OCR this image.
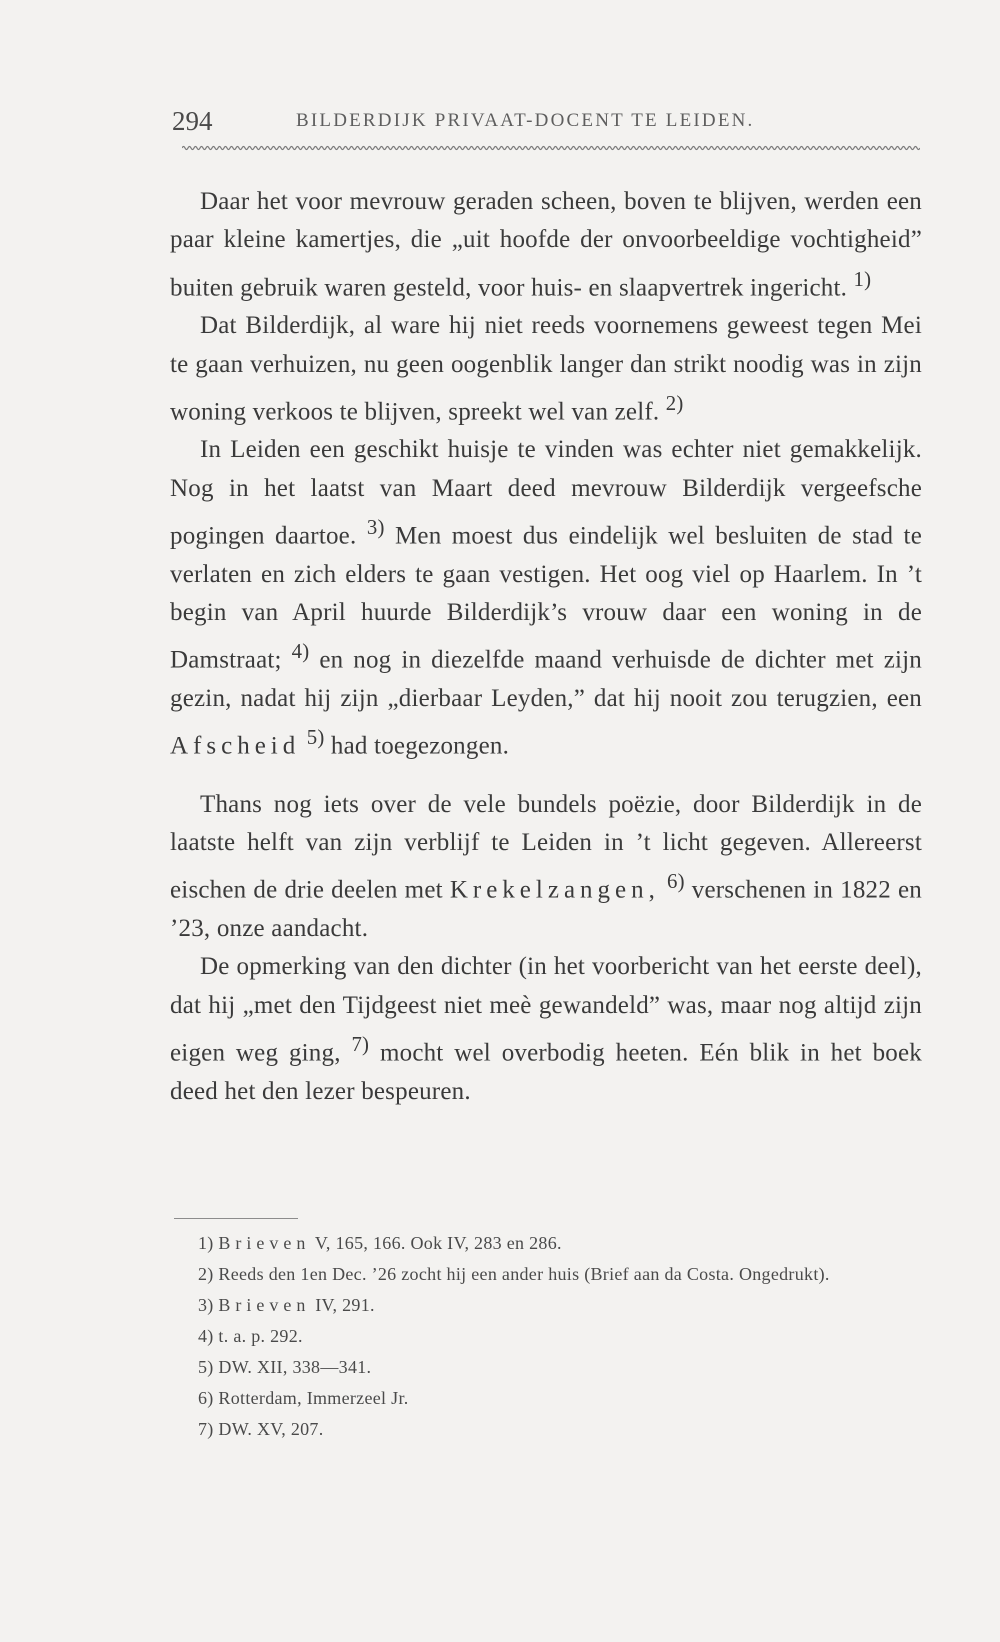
294	BILDERDIJK PRIVAAT-DOCENT TE LEIDEN.

Daar het voor mevrouw geraden scheen, boven te blijven, werden een paar kleine kamertjes, die „uit hoofde der onvoorbeeldige vochtigheid” buiten gebruik waren gesteld, voor huis- en slaapvertrek ingericht. $^{1)}$

Dat Bilderdijk, al ware hij niet reeds voornemens geweest tegen Mei te gaan verhuizen, nu geen oogenblik langer dan strikt noodig was in zijn woning verkoos te blijven, spreekt wel van zelf. $^{2)}$

In Leiden een geschikt huisje te vinden was echter niet gemakkelijk. Nog in het laatst van Maart deed mevrouw Bilderdijk vergeefsche pogingen daartoe. $^{3)}$ Men moest dus eindelijk wel besluiten de stad te verlaten en zich elders te gaan vestigen. Het oog viel op Haarlem. In ’t begin van April huurde Bilderdijk’s vrouw daar een woning in de Damstraat; $^{4)}$ en nog in diezelfde maand verhuisde de dichter met zijn gezin, nadat hij zijn „dierbaar Leyden,” dat hij nooit zou terugzien, een Afscheid $^{5)}$ had toegezongen.

Thans nog iets over de vele bundels poëzie, door Bilderdijk in de laatste helft van zijn verblijf te Leiden in ’t licht gegeven. Allereerst eischen de drie deelen met Krekelzangen, $^{6)}$ verschenen in 1822 en ’23, onze aandacht.

De opmerking van den dichter (in het voorbericht van het eerste deel), dat hij „met den Tijdgeest niet meè gewandeld” was, maar nog altijd zijn eigen weg ging, $^{7)}$ mocht wel overbodig heeten. Eén blik in het boek deed het den lezer bespeuren.

1) Brieven V, 165, 166. Ook IV, 283 en 286.

2) Reeds den 1en Dec. ’26 zocht hij een ander huis (Brief aan da Costa. Ongedrukt).

3) Brieven IV, 291.

4) t. a. p. 292.

5) DW. XII, 338—341.

6) Rotterdam, Immerzeel Jr.

7) DW. XV, 207.
